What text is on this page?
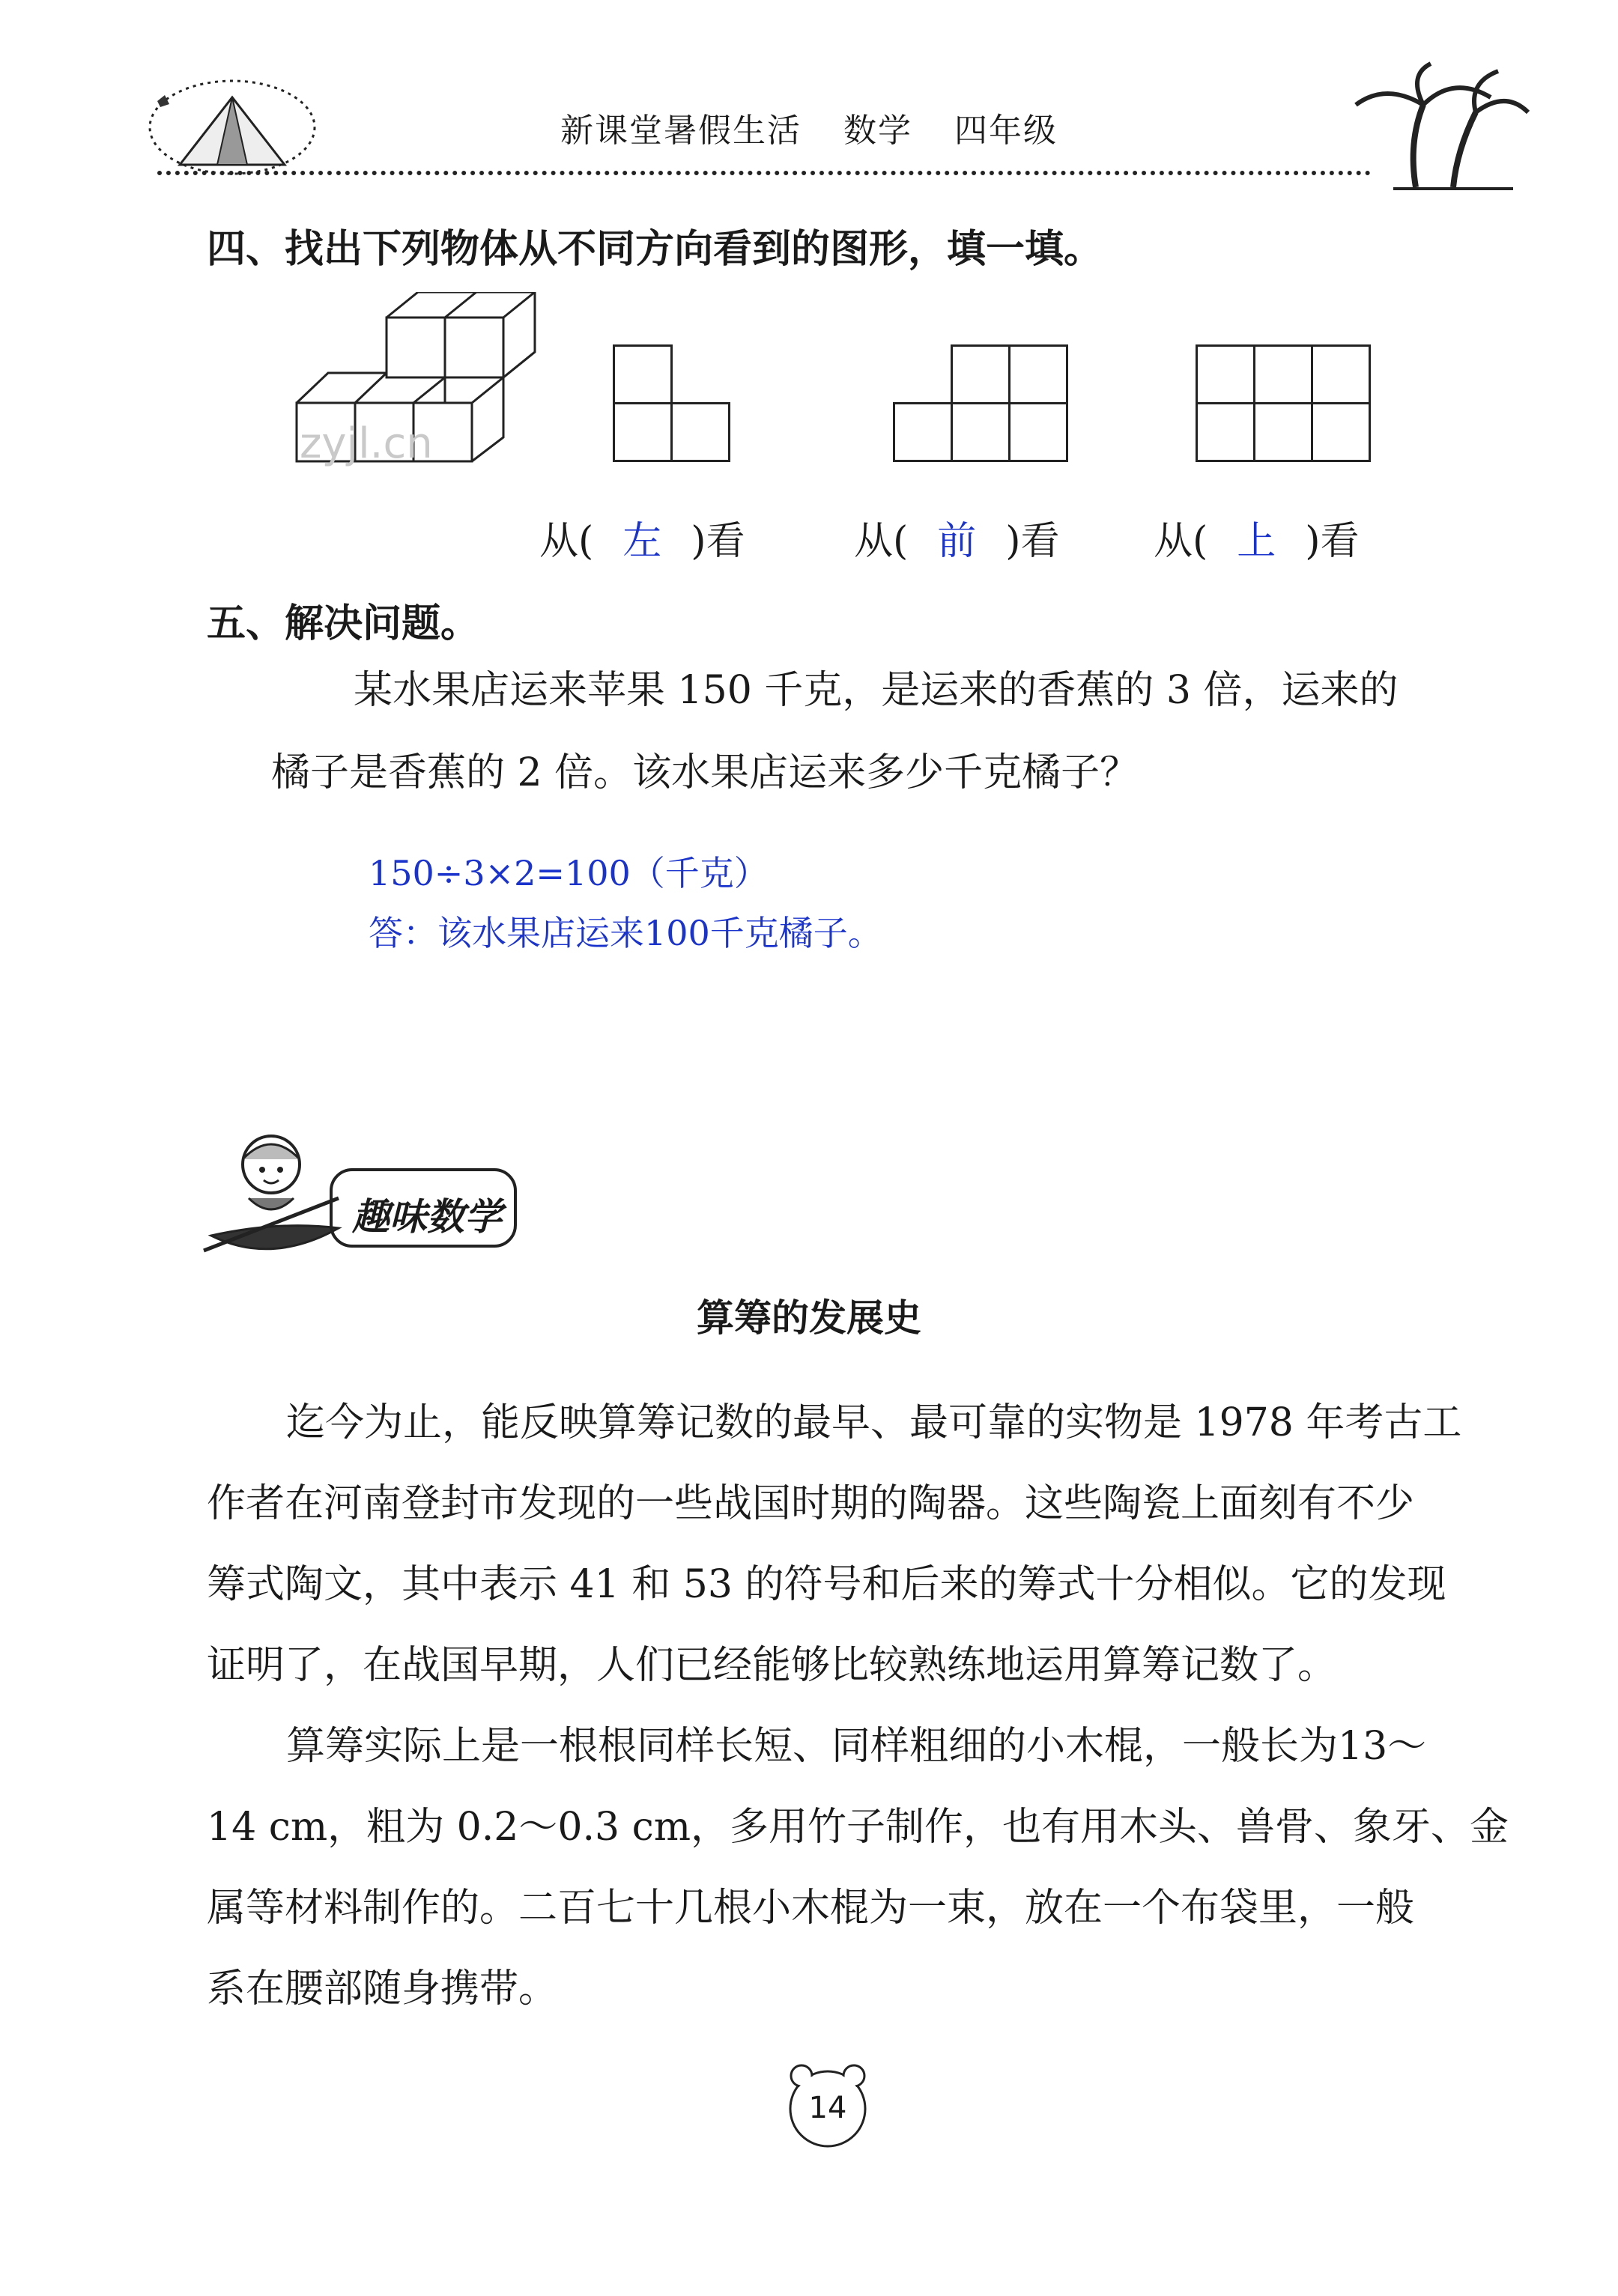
新课堂暑假生活 数学 四年级
四、找出下列物体从不同方向看到的图形，填一填。
zyjl.cn
从( 左 )看	从( 前 )看 从( 上 )看
五、解决问题。
某水果店运来苹果 150 千克，是运来的香蕉的 3 倍，运来的
橘子是香蕉的 2 倍。该水果店运来多少千克橘子？
150÷3×2=100（千克）
答：该水果店运来100千克橘子。
趣味数学
算筹的发展史
迄今为止，能反映算筹记数的最早、最可靠的实物是 1978 年考古工
作者在河南登封市发现的一些战国时期的陶器。这些陶瓷上面刻有不少
筹式陶文，其中表示 41 和 53 的符号和后来的筹式十分相似。它的发现
证明了，在战国早期，人们已经能够比较熟练地运用算筹记数了。
算筹实际上是一根根同样长短、同样粗细的小木棍，一般长为13～
14 cm，粗为 0.2～0.3 cm，多用竹子制作，也有用木头、兽骨、象牙、金
属等材料制作的。二百七十几根小木棍为一束，放在一个布袋里，一般
系在腰部随身携带。
14
